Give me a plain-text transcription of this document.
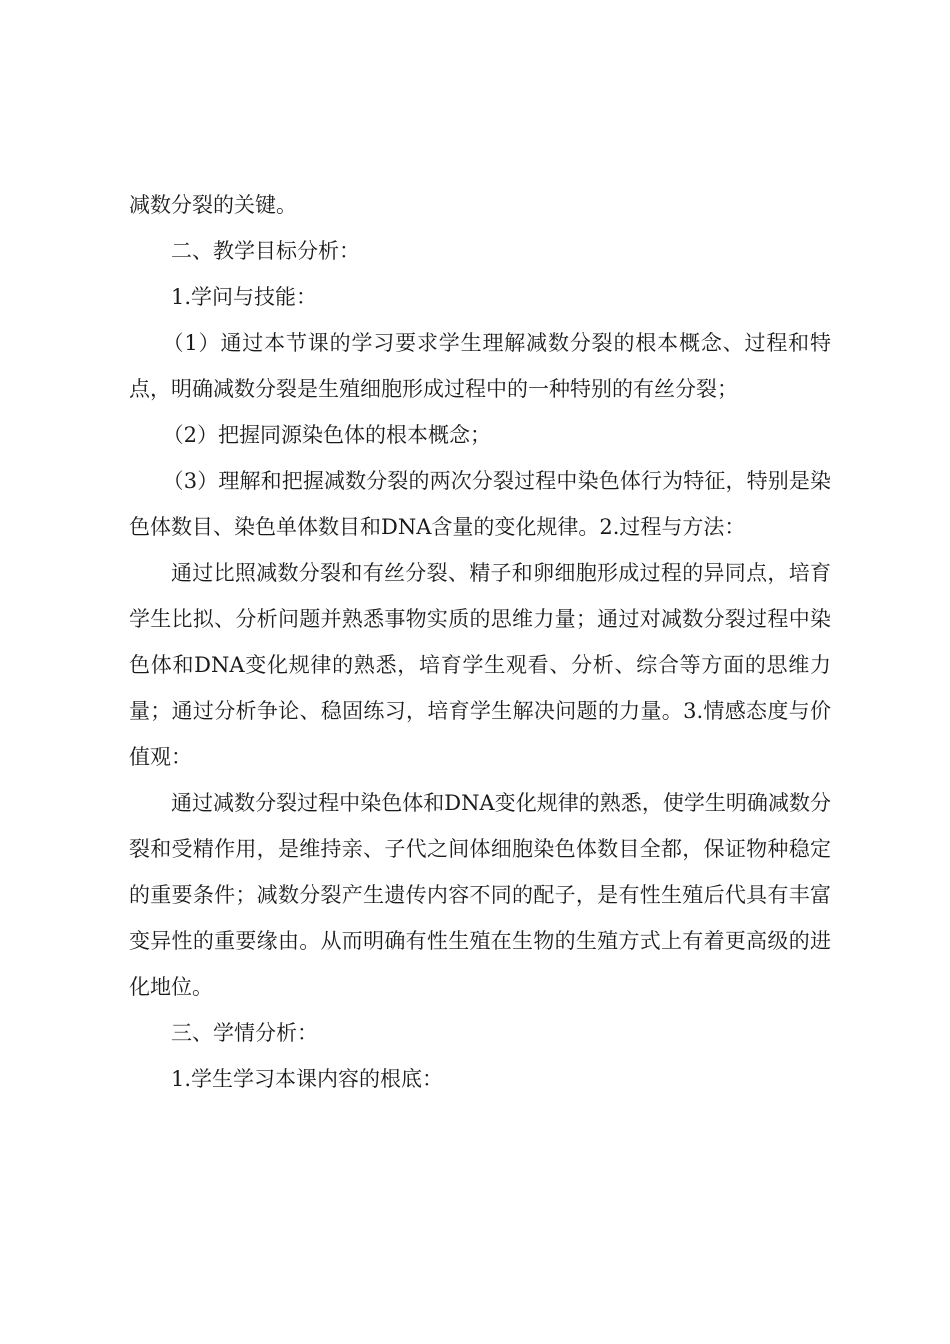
减数分裂的关键。

二、教学目标分析：

1.学问与技能：

（1）通过本节课的学习要求学生理解减数分裂的根本概念、过程和特点，明确减数分裂是生殖细胞形成过程中的一种特别的有丝分裂；

（2）把握同源染色体的根本概念；

（3）理解和把握减数分裂的两次分裂过程中染色体行为特征，特别是染色体数目、染色单体数目和DNA含量的变化规律。2.过程与方法：

通过比照减数分裂和有丝分裂、精子和卵细胞形成过程的异同点，培育学生比拟、分析问题并熟悉事物实质的思维力量；通过对减数分裂过程中染色体和DNA变化规律的熟悉，培育学生观看、分析、综合等方面的思维力量；通过分析争论、稳固练习，培育学生解决问题的力量。3.情感态度与价值观：

通过减数分裂过程中染色体和DNA变化规律的熟悉，使学生明确减数分裂和受精作用，是维持亲、子代之间体细胞染色体数目全都，保证物种稳定的重要条件；减数分裂产生遗传内容不同的配子，是有性生殖后代具有丰富变异性的重要缘由。从而明确有性生殖在生物的生殖方式上有着更高级的进化地位。

三、学情分析：

1.学生学习本课内容的根底：
